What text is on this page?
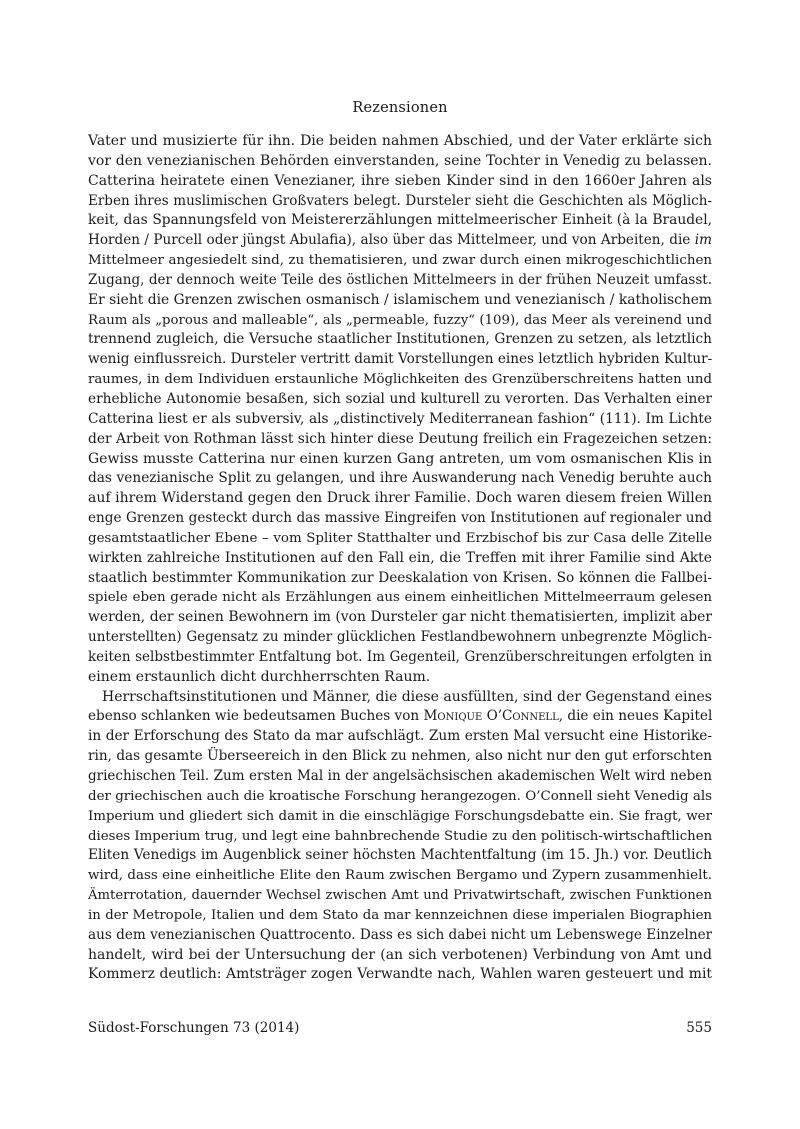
Rezensionen
Vater und musizierte für ihn. Die beiden nahmen Abschied, und der Vater erklärte sich
vor den venezianischen Behörden einverstanden, seine Tochter in Venedig zu belassen.
Catterina heiratete einen Venezianer, ihre sieben Kinder sind in den 1660er Jahren als
Erben ihres muslimischen Großvaters belegt. Dursteler sieht die Geschichten als Möglich-
keit, das Spannungsfeld von Meistererzählungen mittelmeerischer Einheit (à la Braudel,
Horden / Purcell oder jüngst Abulafia), also über das Mittelmeer, und von Arbeiten, die im
Mittelmeer angesiedelt sind, zu thematisieren, und zwar durch einen mikrogeschichtlichen
Zugang, der dennoch weite Teile des östlichen Mittelmeers in der frühen Neuzeit umfasst.
Er sieht die Grenzen zwischen osmanisch / islamischem und venezianisch / katholischem
Raum als „porous and malleable“, als „permeable, fuzzy“ (109), das Meer als vereinend und
trennend zugleich, die Versuche staatlicher Institutionen, Grenzen zu setzen, als letztlich
wenig einflussreich. Dursteler vertritt damit Vorstellungen eines letztlich hybriden Kultur-
raumes, in dem Individuen erstaunliche Möglichkeiten des Grenzüberschreitens hatten und
erhebliche Autonomie besaßen, sich sozial und kulturell zu verorten. Das Verhalten einer
Catterina liest er als subversiv, als „distinctively Mediterranean fashion“ (111). Im Lichte
der Arbeit von Rothman lässt sich hinter diese Deutung freilich ein Fragezeichen setzen:
Gewiss musste Catterina nur einen kurzen Gang antreten, um vom osmanischen Klis in
das venezianische Split zu gelangen, und ihre Auswanderung nach Venedig beruhte auch
auf ihrem Widerstand gegen den Druck ihrer Familie. Doch waren diesem freien Willen
enge Grenzen gesteckt durch das massive Eingreifen von Institutionen auf regionaler und
gesamtstaatlicher Ebene – vom Spliter Statthalter und Erzbischof bis zur Casa delle Zitelle
wirkten zahlreiche Institutionen auf den Fall ein, die Treffen mit ihrer Familie sind Akte
staatlich bestimmter Kommunikation zur Deeskalation von Krisen. So können die Fallbei-
spiele eben gerade nicht als Erzählungen aus einem einheitlichen Mittelmeerraum gelesen
werden, der seinen Bewohnern im (von Dursteler gar nicht thematisierten, implizit aber
unterstellten) Gegensatz zu minder glücklichen Festlandbewohnern unbegrenzte Möglich-
keiten selbstbestimmter Entfaltung bot. Im Gegenteil, Grenzüberschreitungen erfolgten in
einem erstaunlich dicht durchherrschten Raum.
Herrschaftsinstitutionen und Männer, die diese ausfüllten, sind der Gegenstand eines
ebenso schlanken wie bedeutsamen Buches von Monique O’Connell, die ein neues Kapitel
in der Erforschung des Stato da mar aufschlägt. Zum ersten Mal versucht eine Historike-
rin, das gesamte Überseereich in den Blick zu nehmen, also nicht nur den gut erforschten
griechischen Teil. Zum ersten Mal in der angelsächsischen akademischen Welt wird neben
der griechischen auch die kroatische Forschung herangezogen. O’Connell sieht Venedig als
Imperium und gliedert sich damit in die einschlägige Forschungsdebatte ein. Sie fragt, wer
dieses Imperium trug, und legt eine bahnbrechende Studie zu den politisch-wirtschaftlichen
Eliten Venedigs im Augenblick seiner höchsten Machtentfaltung (im 15. Jh.) vor. Deutlich
wird, dass eine einheitliche Elite den Raum zwischen Bergamo und Zypern zusammenhielt.
Ämterrotation, dauernder Wechsel zwischen Amt und Privatwirtschaft, zwischen Funktionen
in der Metropole, Italien und dem Stato da mar kennzeichnen diese imperialen Biographien
aus dem venezianischen Quattrocento. Dass es sich dabei nicht um Lebenswege Einzelner
handelt, wird bei der Untersuchung der (an sich verbotenen) Verbindung von Amt und
Kommerz deutlich: Amtsträger zogen Verwandte nach, Wahlen waren gesteuert und mit
Südost-Forschungen 73 (2014)	555
